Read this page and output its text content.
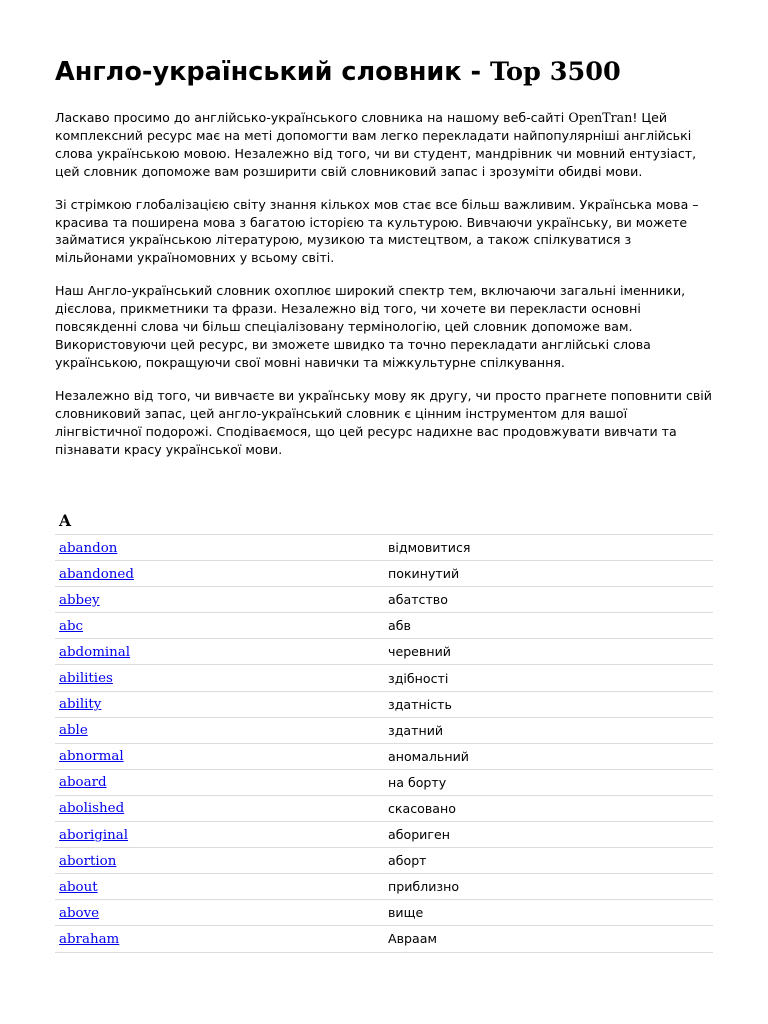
Англо-український словник - Top 3500

Ласкаво просимо до англійсько-українського словника на нашому веб-сайті OpenTran! Цей комплексний ресурс має на меті допомогти вам легко перекладати найпопулярніші англійські слова українською мовою. Незалежно від того, чи ви студент, мандрівник чи мовний ентузіаст, цей словник допоможе вам розширити свій словниковий запас і зрозуміти обидві мови.

Зі стрімкою глобалізацією світу знання кількох мов стає все більш важливим. Українська мова – красива та поширена мова з багатою історією та культурою. Вивчаючи українську, ви можете займатися українською літературою, музикою та мистецтвом, а також спілкуватися з мільйонами україномовних у всьому світі.

Наш Англо-український словник охоплює широкий спектр тем, включаючи загальні іменники, дієслова, прикметники та фрази. Незалежно від того, чи хочете ви перекласти основні повсякденні слова чи більш спеціалізовану термінологію, цей словник допоможе вам. Використовуючи цей ресурс, ви зможете швидко та точно перекладати англійські слова українською, покращуючи свої мовні навички та міжкультурне спілкування.

Незалежно від того, чи вивчаєте ви українську мову як другу, чи просто прагнете поповнити свій словниковий запас, цей англо-український словник є цінним інструментом для вашої лінгвістичної подорожі. Сподіваємося, що цей ресурс надихне вас продовжувати вивчати та пізнавати красу української мови.

A
abandon	відмовитися
abandoned	покинутий
abbey	абатство
abc	абв
abdominal	черевний
abilities	здібності
ability	здатність
able	здатний
abnormal	аномальний
aboard	на борту
abolished	скасовано
aboriginal	абориген
abortion	аборт
about	приблизно
above	вище
abraham	Авраам
